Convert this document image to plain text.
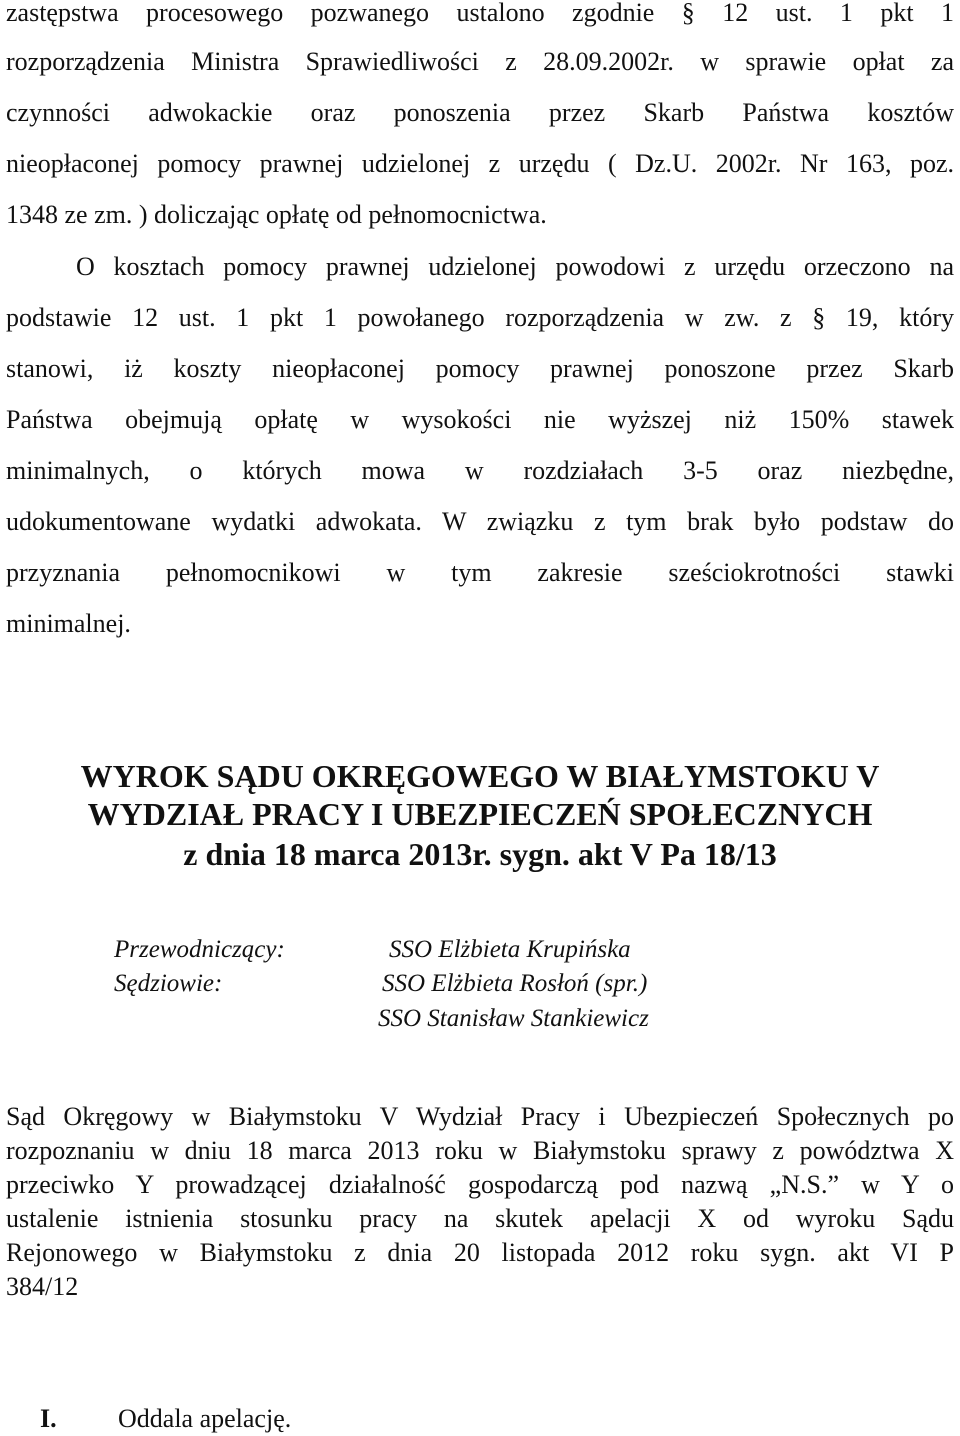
zastępstwa procesowego pozwanego ustalono zgodnie § 12 ust. 1 pkt 1
rozporządzenia Ministra Sprawiedliwości z 28.09.2002r. w sprawie opłat za
czynności adwokackie oraz ponoszenia przez Skarb Państwa kosztów
nieopłaconej pomocy prawnej udzielonej z urzędu ( Dz.U. 2002r. Nr 163, poz.
1348 ze zm. ) doliczając opłatę od pełnomocnictwa.
O kosztach pomocy prawnej udzielonej powodowi z urzędu orzeczono na
podstawie 12 ust. 1 pkt 1 powołanego rozporządzenia w zw. z § 19, który
stanowi, iż koszty nieopłaconej pomocy prawnej ponoszone przez Skarb
Państwa obejmują opłatę w wysokości nie wyższej niż 150% stawek
minimalnych, o których mowa w rozdziałach 3-5 oraz niezbędne,
udokumentowane wydatki adwokata. W związku z tym brak było podstaw do
przyznania pełnomocnikowi w tym zakresie sześciokrotności stawki
minimalnej.
WYROK SĄDU OKRĘGOWEGO W BIAŁYMSTOKU V
WYDZIAŁ PRACY I UBEZPIECZEŃ SPOŁECZNYCH
z dnia 18 marca 2013r. sygn. akt V Pa 18/13
Przewodniczący:
Sędziowie:
SSO Elżbieta Krupińska
SSO Elżbieta Rosłoń (spr.)
SSO Stanisław Stankiewicz
Sąd Okręgowy w Białymstoku V Wydział Pracy i Ubezpieczeń Społecznych po
rozpoznaniu w dniu 18 marca 2013 roku w Białymstoku sprawy z powództwa X
przeciwko Y prowadzącej działalność gospodarczą pod nazwą „N.S.” w Y o
ustalenie istnienia stosunku pracy na skutek apelacji X od wyroku Sądu
Rejonowego w Białymstoku z dnia 20 listopada 2012 roku sygn. akt VI P
384/12
I. Oddala apelację.
